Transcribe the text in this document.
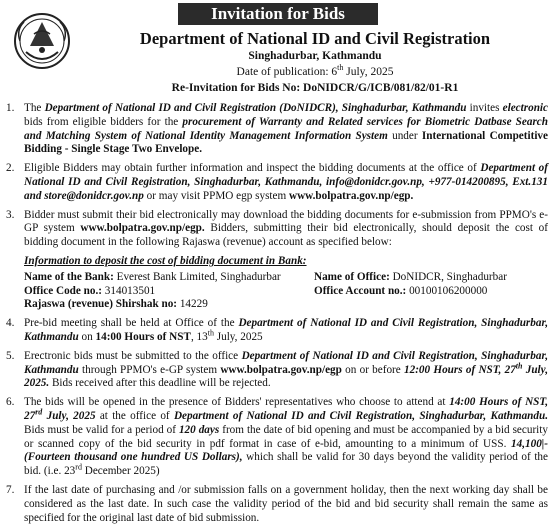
Invitation for Bids
Department of National ID and Civil Registration
Singhadurbar, Kathmandu
Date of publication: 6th July, 2025
Re-Invitation for Bids No: DoNIDCR/G/ICB/081/82/01-R1
1. The Department of National ID and Civil Registration (DoNIDCR), Singhadurbar, Kathmandu invites electronic bids from eligible bidders for the procurement of Warranty and Related services for Biometric Datbase Search and Matching System of National Identity Management Information System under International Competitive Bidding - Single Stage Two Envelope.
2. Eligible Bidders may obtain further information and inspect the bidding documents at the office of Department of National ID and Civil Registration, Singhadurbar, Kathmandu, info@donidcr.gov.np, +977-014200895, Ext.131 and store@donidcr.gov.np or may visit PPMO egp system www.bolpatra.gov.np/egp.
3. Bidder must submit their bid electronically may download the bidding documents for e-submission from PPMO's e-GP system www.bolpatra.gov.np/egp. Bidders, submitting their bid electronically, should deposit the cost of bidding document in the following Rajaswa (revenue) account as specified below:
Information to deposit the cost of bidding document in Bank:
Name of the Bank: Everest Bank Limited, Singhadurbar	Name of Office: DoNIDCR, Singhadurbar
Office Code no.: 314013501	Office Account no.: 00100106200000
Rajaswa (revenue) Shirshak no: 14229
4. Pre-bid meeting shall be held at Office of the Department of National ID and Civil Registration, Singhadurbar, Kathmandu on 14:00 Hours of NST, 13th July, 2025
5. Erectronic bids must be submitted to the office Department of National ID and Civil Registration, Singhadurbar, Kathmandu through PPMO's e-GP system www.bolpatra.gov.np/egp on or before 12:00 Hours of NST, 27th July, 2025. Bids received after this deadline will be rejected.
6. The bids will be opened in the presence of Bidders' representatives who choose to attend at 14:00 Hours of NST, 27rd July, 2025 at the office of Department of National ID and Civil Registration, Singhadurbar, Kathmandu. Bids must be valid for a period of 120 days from the date of bid opening and must be accompanied by a bid security or scanned copy of the bid security in pdf format in case of e-bid, amounting to a minimum of USS. 14,100|- (Fourteen thousand one hundred US Dollars), which shall be valid for 30 days beyond the validity period of the bid. (i.e. 23rd December 2025)
7. If the last date of purchasing and /or submission falls on a government holiday, then the next working day shall be considered as the last date. In such case the validity period of the bid and bid security shall remain the same as specified for the original last date of bid submission.
